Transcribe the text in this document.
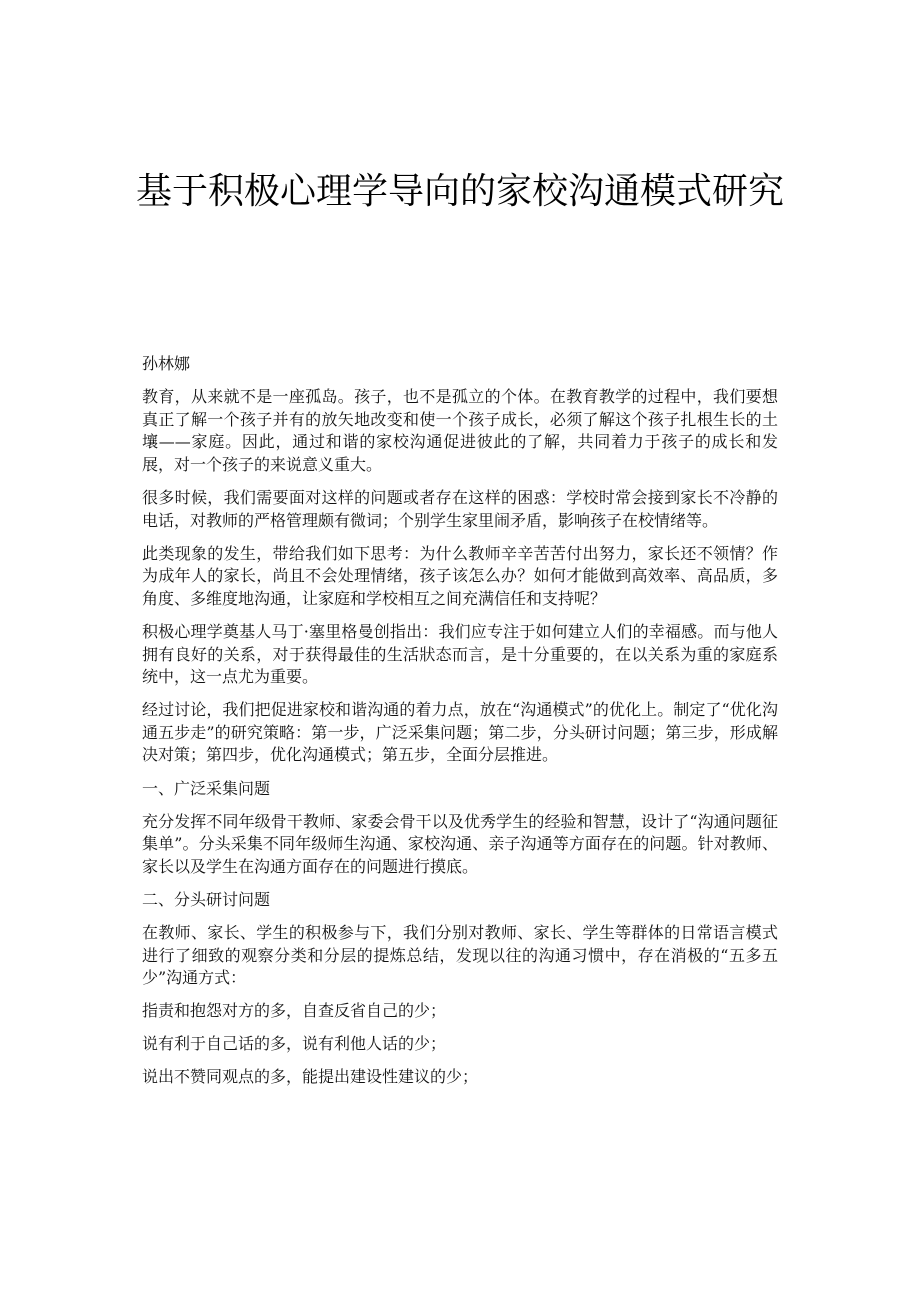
基于积极心理学导向的家校沟通模式研究

孙林娜

教育，从来就不是一座孤岛。孩子，也不是孤立的个体。在教育教学的过程中，我们要想真正了解一个孩子并有的放矢地改变和使一个孩子成长，必须了解这个孩子扎根生长的土壤——家庭。因此，通过和谐的家校沟通促进彼此的了解，共同着力于孩子的成长和发展，对一个孩子的来说意义重大。

很多时候，我们需要面对这样的问题或者存在这样的困惑：学校时常会接到家长不冷静的电话，对教师的严格管理颇有微词；个别学生家里闹矛盾，影响孩子在校情绪等。

此类现象的发生，带给我们如下思考：为什么教师辛辛苦苦付出努力，家长还不领情？作为成年人的家长，尚且不会处理情绪，孩子该怎么办？如何才能做到高效率、高品质，多角度、多维度地沟通，让家庭和学校相互之间充满信任和支持呢？

积极心理学奠基人马丁·塞里格曼创指出：我们应专注于如何建立人们的幸福感。而与他人拥有良好的关系，对于获得最佳的生活狀态而言，是十分重要的，在以关系为重的家庭系统中，这一点尤为重要。

经过讨论，我们把促进家校和谐沟通的着力点，放在“沟通模式”的优化上。制定了“优化沟通五步走”的研究策略：第一步，广泛采集问题；第二步，分头研讨问题；第三步，形成解决对策；第四步，优化沟通模式；第五步，全面分层推进。

一、广泛采集问题

充分发挥不同年级骨干教师、家委会骨干以及优秀学生的经验和智慧，设计了“沟通问题征集单”。分头采集不同年级师生沟通、家校沟通、亲子沟通等方面存在的问题。针对教师、家长以及学生在沟通方面存在的问题进行摸底。

二、分头研讨问题

在教师、家长、学生的积极参与下，我们分别对教师、家长、学生等群体的日常语言模式进行了细致的观察分类和分层的提炼总结，发现以往的沟通习惯中，存在消极的“五多五少”沟通方式：

指责和抱怨对方的多，自查反省自己的少；

说有利于自己话的多，说有利他人话的少；

说出不赞同观点的多，能提出建设性建议的少；
